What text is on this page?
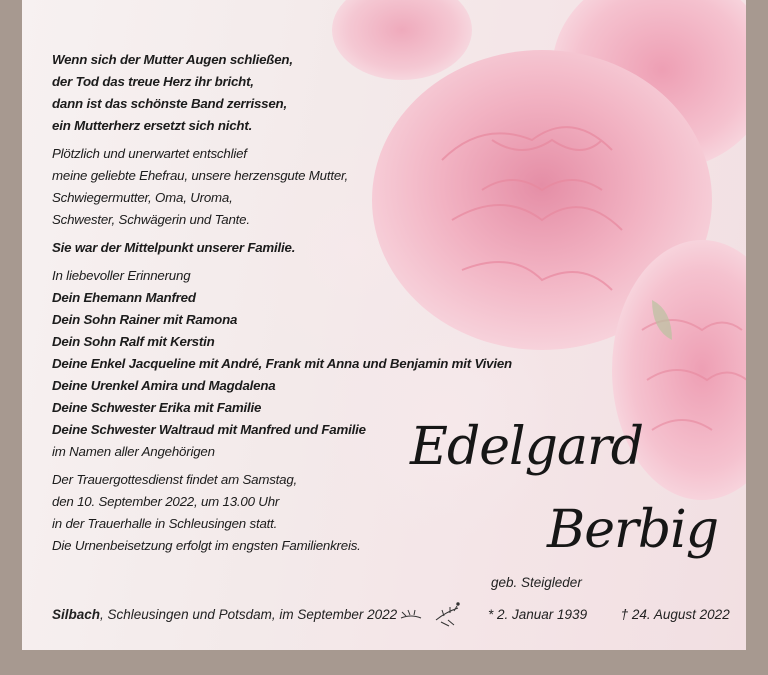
Wenn sich der Mutter Augen schließen,
der Tod das treue Herz ihr bricht,
dann ist das schönste Band zerrissen,
ein Mutterherz ersetzt sich nicht.
Plötzlich und unerwartet entschlief
meine geliebte Ehefrau, unsere herzensgute Mutter,
Schwiegermutter, Oma, Uroma,
Schwester, Schwägerin und Tante.
Sie war der Mittelpunkt unserer Familie.
In liebevoller Erinnerung
Dein Ehemann Manfred
Dein Sohn Rainer mit Ramona
Dein Sohn Ralf mit Kerstin
Deine Enkel Jacqueline mit André, Frank mit Anna und Benjamin mit Vivien
Deine Urenkel Amira und Magdalena
Deine Schwester Erika mit Familie
Deine Schwester Waltraud mit Manfred und Familie
im Namen aller Angehörigen
Der Trauergottesdienst findet am Samstag,
den 10. September 2022, um 13.00 Uhr
in der Trauerhalle in Schleusingen statt.
Die Urnenbeisetzung erfolgt im engsten Familienkreis.
Silbach, Schleusingen und Potsdam, im September 2022
Edelgard
Berbig
geb. Steigleder
* 2. Januar 1939 † 24. August 2022
